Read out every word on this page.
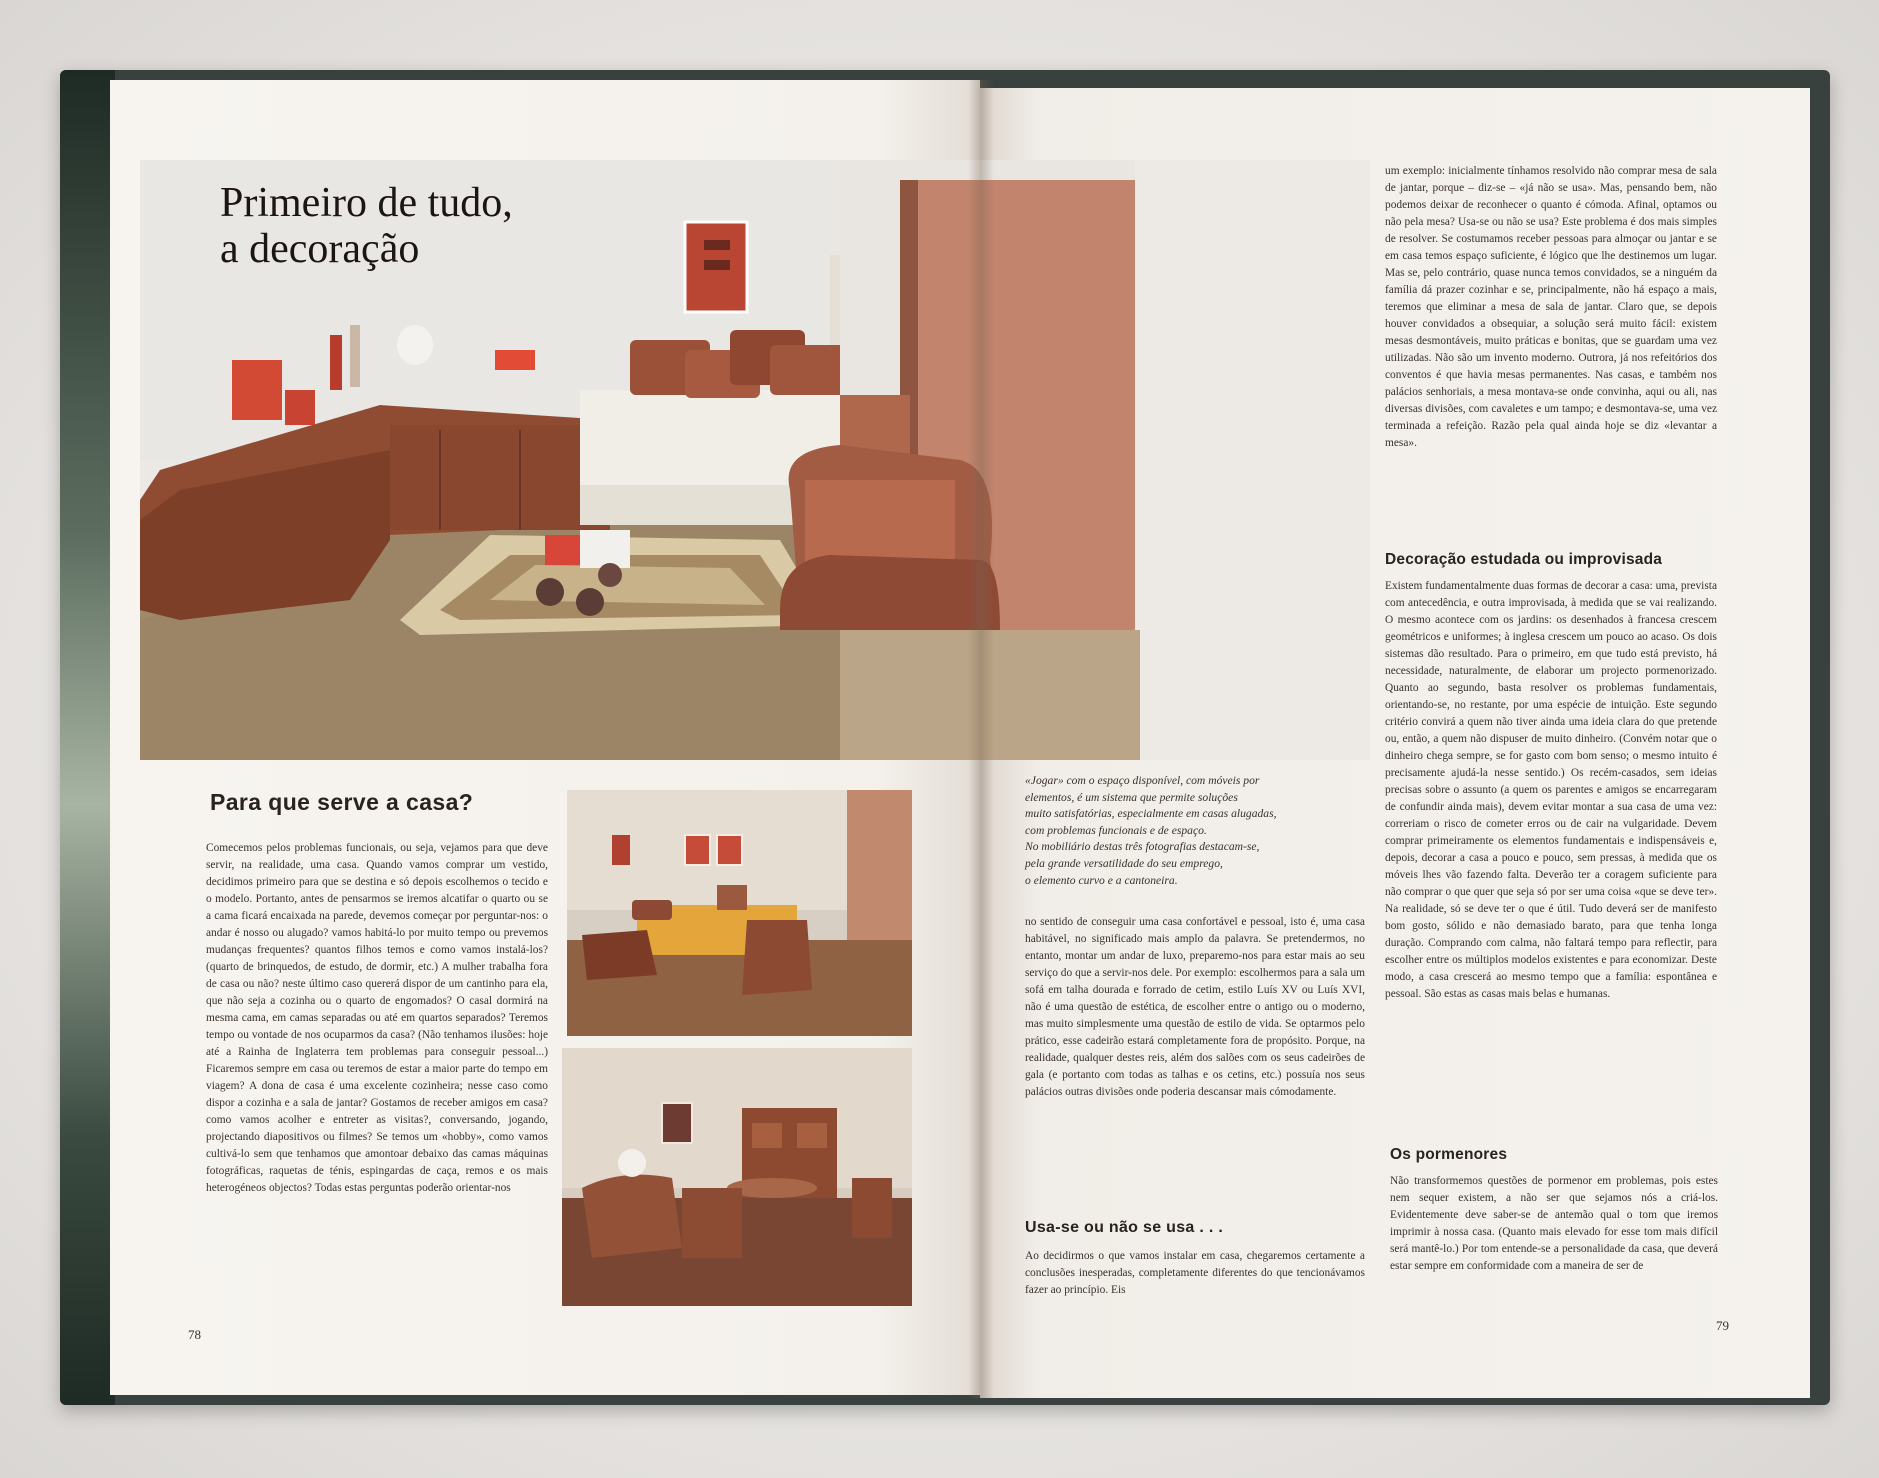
Primeiro de tudo,
a decoração
Para que serve a casa?

Comecemos pelos problemas funcionais, ou seja, vejamos para que deve servir, na realidade, uma casa. Quando vamos comprar um vestido, decidimos primeiro para que se destina e só depois escolhemos o tecido e o modelo. Portanto, antes de pensarmos se iremos alcatifar o quarto ou se a cama ficará encaixada na parede, devemos começar por perguntar-nos: o andar é nosso ou alugado? vamos habitá-lo por muito tempo ou prevemos mudanças frequentes? quantos filhos temos e como vamos instalá-los? (quarto de brinquedos, de estudo, de dormir, etc.) A mulher trabalha fora de casa ou não? neste último caso quererá dispor de um cantinho para ela, que não seja a cozinha ou o quarto de engomados? O casal dormirá na mesma cama, em camas separadas ou até em quartos separados? Teremos tempo ou vontade de nos ocuparmos da casa? (Não tenhamos ilusões: hoje até a Rainha de Inglaterra tem problemas para conseguir pessoal...) Ficaremos sempre em casa ou teremos de estar a maior parte do tempo em viagem? A dona de casa é uma excelente cozinheira; nesse caso como dispor a cozinha e a sala de jantar? Gostamos de receber amigos em casa? como vamos acolher e entreter as visitas?, conversando, jogando, projectando diapositivos ou filmes? Se temos um «hobby», como vamos cultivá-lo sem que tenhamos que amontoar debaixo das camas máquinas fotográficas, raquetas de ténis, espingardas de caça, remos e os mais heterogéneos objectos? Todas estas perguntas poderão orientar-nos

«Jogar» com o espaço disponível, com móveis por

elementos, é um sistema que permite soluções

muito satisfatórias, especialmente em casas alugadas,

com problemas funcionais e de espaço.

No mobiliário destas três fotografias destacam-se,

pela grande versatilidade do seu emprego,

o elemento curvo e a cantoneira.

no sentido de conseguir uma casa confortável e pessoal, isto é, uma casa habitável, no significado mais amplo da palavra. Se pretendermos, no entanto, montar um andar de luxo, preparemo-nos para estar mais ao seu serviço do que a servir-nos dele. Por exemplo: escolhermos para a sala um sofá em talha dourada e forrado de cetim, estilo Luís XV ou Luís XVI, não é uma questão de estética, de escolher entre o antigo ou o moderno, mas muito simplesmente uma questão de estilo de vida. Se optarmos pelo prático, esse cadeirão estará completamente fora de propósito. Porque, na realidade, qualquer destes reis, além dos salões com os seus cadeirões de gala (e portanto com todas as talhas e os cetins, etc.) possuía nos seus palácios outras divisões onde poderia descansar mais cómodamente.

Usa-se ou não se usa . . .

Ao decidirmos o que vamos instalar em casa, chegaremos certamente a conclusões inesperadas, completamente diferentes do que tencionávamos fazer ao princípio. Eis

um exemplo: inicialmente tínhamos resolvido não comprar mesa de sala de jantar, porque – diz-se – «já não se usa». Mas, pensando bem, não podemos deixar de reconhecer o quanto é cómoda. Afinal, optamos ou não pela mesa? Usa-se ou não se usa? Este problema é dos mais simples de resolver. Se costumamos receber pessoas para almoçar ou jantar e se em casa temos espaço suficiente, é lógico que lhe destinemos um lugar. Mas se, pelo contrário, quase nunca temos convidados, se a ninguém da família dá prazer cozinhar e se, principalmente, não há espaço a mais, teremos que eliminar a mesa de sala de jantar. Claro que, se depois houver convidados a obsequiar, a solução será muito fácil: existem mesas desmontáveis, muito práticas e bonitas, que se guardam uma vez utilizadas. Não são um invento moderno. Outrora, já nos refeitórios dos conventos é que havia mesas permanentes. Nas casas, e também nos palácios senhoriais, a mesa montava-se onde convinha, aqui ou ali, nas diversas divisões, com cavaletes e um tampo; e desmontava-se, uma vez terminada a refeição. Razão pela qual ainda hoje se diz «levantar a mesa».

Decoração estudada ou improvisada

Existem fundamentalmente duas formas de decorar a casa: uma, prevista com antecedência, e outra improvisada, à medida que se vai realizando. O mesmo acontece com os jardins: os desenhados à francesa crescem geométricos e uniformes; à inglesa crescem um pouco ao acaso. Os dois sistemas dão resultado. Para o primeiro, em que tudo está previsto, há necessidade, naturalmente, de elaborar um projecto pormenorizado. Quanto ao segundo, basta resolver os problemas fundamentais, orientando-se, no restante, por uma espécie de intuição. Este segundo critério convirá a quem não tiver ainda uma ideia clara do que pretende ou, então, a quem não dispuser de muito dinheiro. (Convém notar que o dinheiro chega sempre, se for gasto com bom senso; o mesmo intuito é precisamente ajudá-la nesse sentido.) Os recém-casados, sem ideias precisas sobre o assunto (a quem os parentes e amigos se encarregaram de confundir ainda mais), devem evitar montar a sua casa de uma vez: correriam o risco de cometer erros ou de cair na vulgaridade. Devem comprar primeiramente os elementos fundamentais e indispensáveis e, depois, decorar a casa a pouco e pouco, sem pressas, à medida que os móveis lhes vão fazendo falta. Deverão ter a coragem suficiente para não comprar o que quer que seja só por ser uma coisa «que se deve ter». Na realidade, só se deve ter o que é útil. Tudo deverá ser de manifesto bom gosto, sólido e não demasiado barato, para que tenha longa duração. Comprando com calma, não faltará tempo para reflectir, para escolher entre os múltiplos modelos existentes e para economizar. Deste modo, a casa crescerá ao mesmo tempo que a família: espontânea e pessoal. São estas as casas mais belas e humanas.

Os pormenores

Não transformemos questões de pormenor em problemas, pois estes nem sequer existem, a não ser que sejamos nós a criá-los. Evidentemente deve saber-se de antemão qual o tom que iremos imprimir à nossa casa. (Quanto mais elevado for esse tom mais difícil será mantê-lo.) Por tom entende-se a personalidade da casa, que deverá estar sempre em conformidade com a maneira de ser de

78
79
